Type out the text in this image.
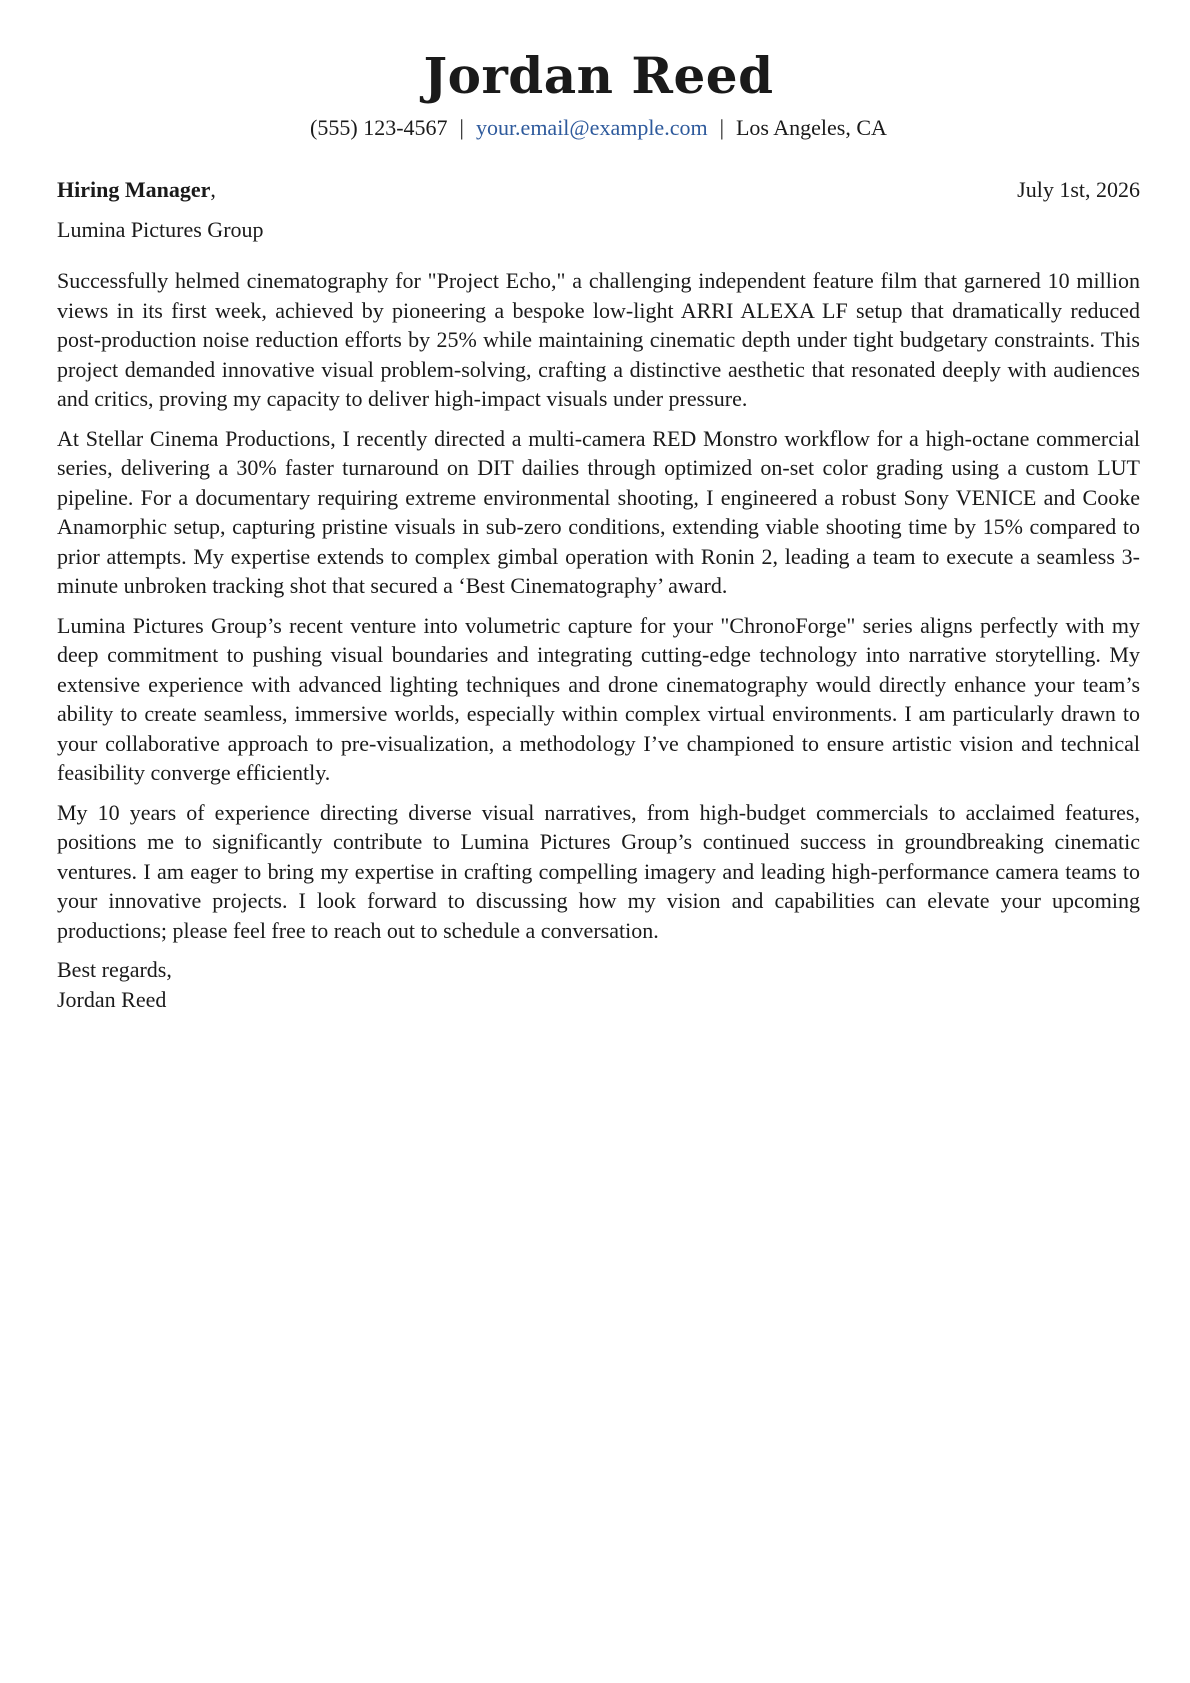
Jordan Reed
(555) 123-4567 | your.email@example.com | Los Angeles, CA
Hiring Manager,	July 1st, 2026
Lumina Pictures Group

Successfully helmed cinematography for "Project Echo," a challenging independent feature film that garnered 10 million views in its first week, achieved by pioneering a bespoke low-light ARRI ALEXA LF setup that dramatically reduced post-production noise reduction efforts by 25% while maintaining cinematic depth under tight budgetary constraints. This project demanded innovative visual problem-solving, crafting a distinctive aesthetic that resonated deeply with audiences and critics, proving my capacity to deliver high-impact visuals under pressure.

At Stellar Cinema Productions, I recently directed a multi-camera RED Monstro workflow for a high-octane commercial series, delivering a 30% faster turnaround on DIT dailies through optimized on-set color grading using a custom LUT pipeline. For a documentary requiring extreme environmental shooting, I engineered a robust Sony VENICE and Cooke Anamorphic setup, capturing pristine visuals in sub-zero conditions, extending viable shooting time by 15% compared to prior attempts. My expertise extends to complex gimbal operation with Ronin 2, leading a team to execute a seamless 3-minute unbroken tracking shot that secured a ‘Best Cinematography’ award.

Lumina Pictures Group’s recent venture into volumetric capture for your "ChronoForge" series aligns perfectly with my deep commitment to pushing visual boundaries and integrating cutting-edge technology into narrative storytelling. My extensive experience with advanced lighting techniques and drone cinematography would directly enhance your team’s ability to create seamless, immersive worlds, especially within complex virtual environments. I am particularly drawn to your collaborative approach to pre-visualization, a methodology I’ve championed to ensure artistic vision and technical feasibility converge efficiently.

My 10 years of experience directing diverse visual narratives, from high-budget commercials to acclaimed features, positions me to significantly contribute to Lumina Pictures Group’s continued success in groundbreaking cinematic ventures. I am eager to bring my expertise in crafting compelling imagery and leading high-performance camera teams to your innovative projects. I look forward to discussing how my vision and capabilities can elevate your upcoming productions; please feel free to reach out to schedule a conversation.

Best regards,
Jordan Reed
